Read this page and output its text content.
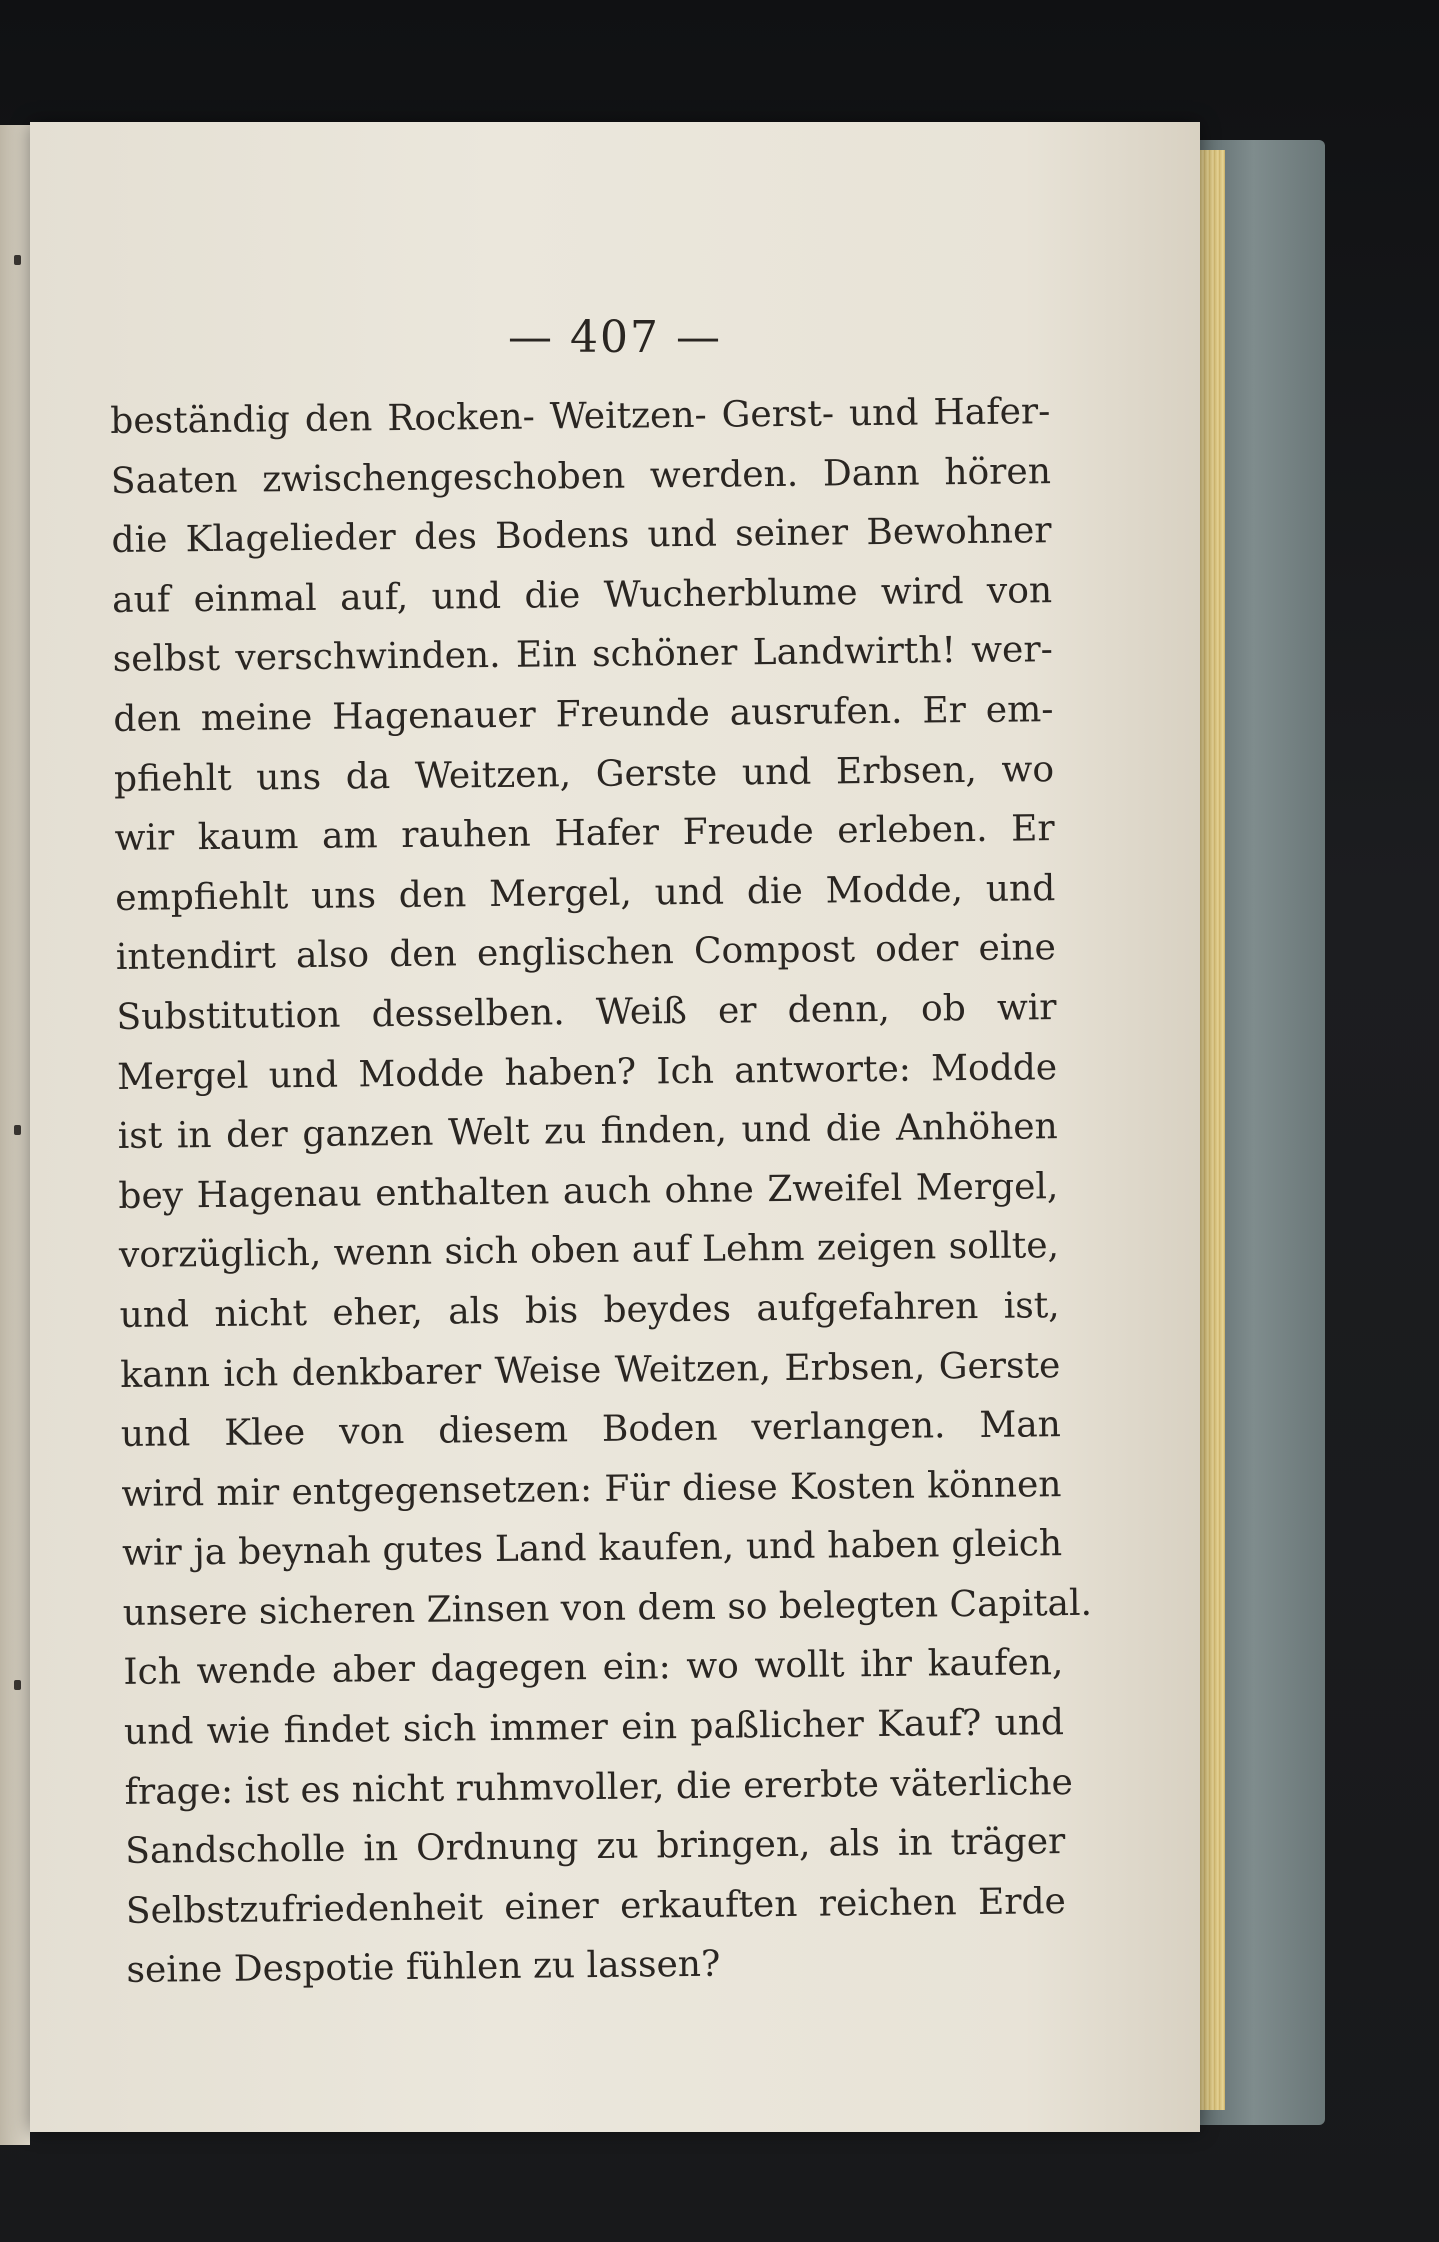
— 407 —
beständig den Rocken- Weitzen- Gerst- und Hafer-
Saaten zwischengeschoben werden. Dann hören
die Klagelieder des Bodens und seiner Bewohner
auf einmal auf, und die Wucherblume wird von
selbst verschwinden. Ein schöner Landwirth! wer-
den meine Hagenauer Freunde ausrufen. Er em-
pfiehlt uns da Weitzen, Gerste und Erbsen, wo
wir kaum am rauhen Hafer Freude erleben. Er
empfiehlt uns den Mergel, und die Modde, und
intendirt also den englischen Compost oder eine
Substitution desselben. Weiß er denn, ob wir
Mergel und Modde haben? Ich antworte: Modde
ist in der ganzen Welt zu finden, und die Anhöhen
bey Hagenau enthalten auch ohne Zweifel Mergel,
vorzüglich, wenn sich oben auf Lehm zeigen sollte,
und nicht eher, als bis beydes aufgefahren ist,
kann ich denkbarer Weise Weitzen, Erbsen, Gerste
und Klee von diesem Boden verlangen. Man
wird mir entgegensetzen: Für diese Kosten können
wir ja beynah gutes Land kaufen, und haben gleich
unsere sicheren Zinsen von dem so belegten Capital.
Ich wende aber dagegen ein: wo wollt ihr kaufen,
und wie findet sich immer ein paßlicher Kauf? und
frage: ist es nicht ruhmvoller, die ererbte väterliche
Sandscholle in Ordnung zu bringen, als in träger
Selbstzufriedenheit einer erkauften reichen Erde
seine Despotie fühlen zu lassen?
